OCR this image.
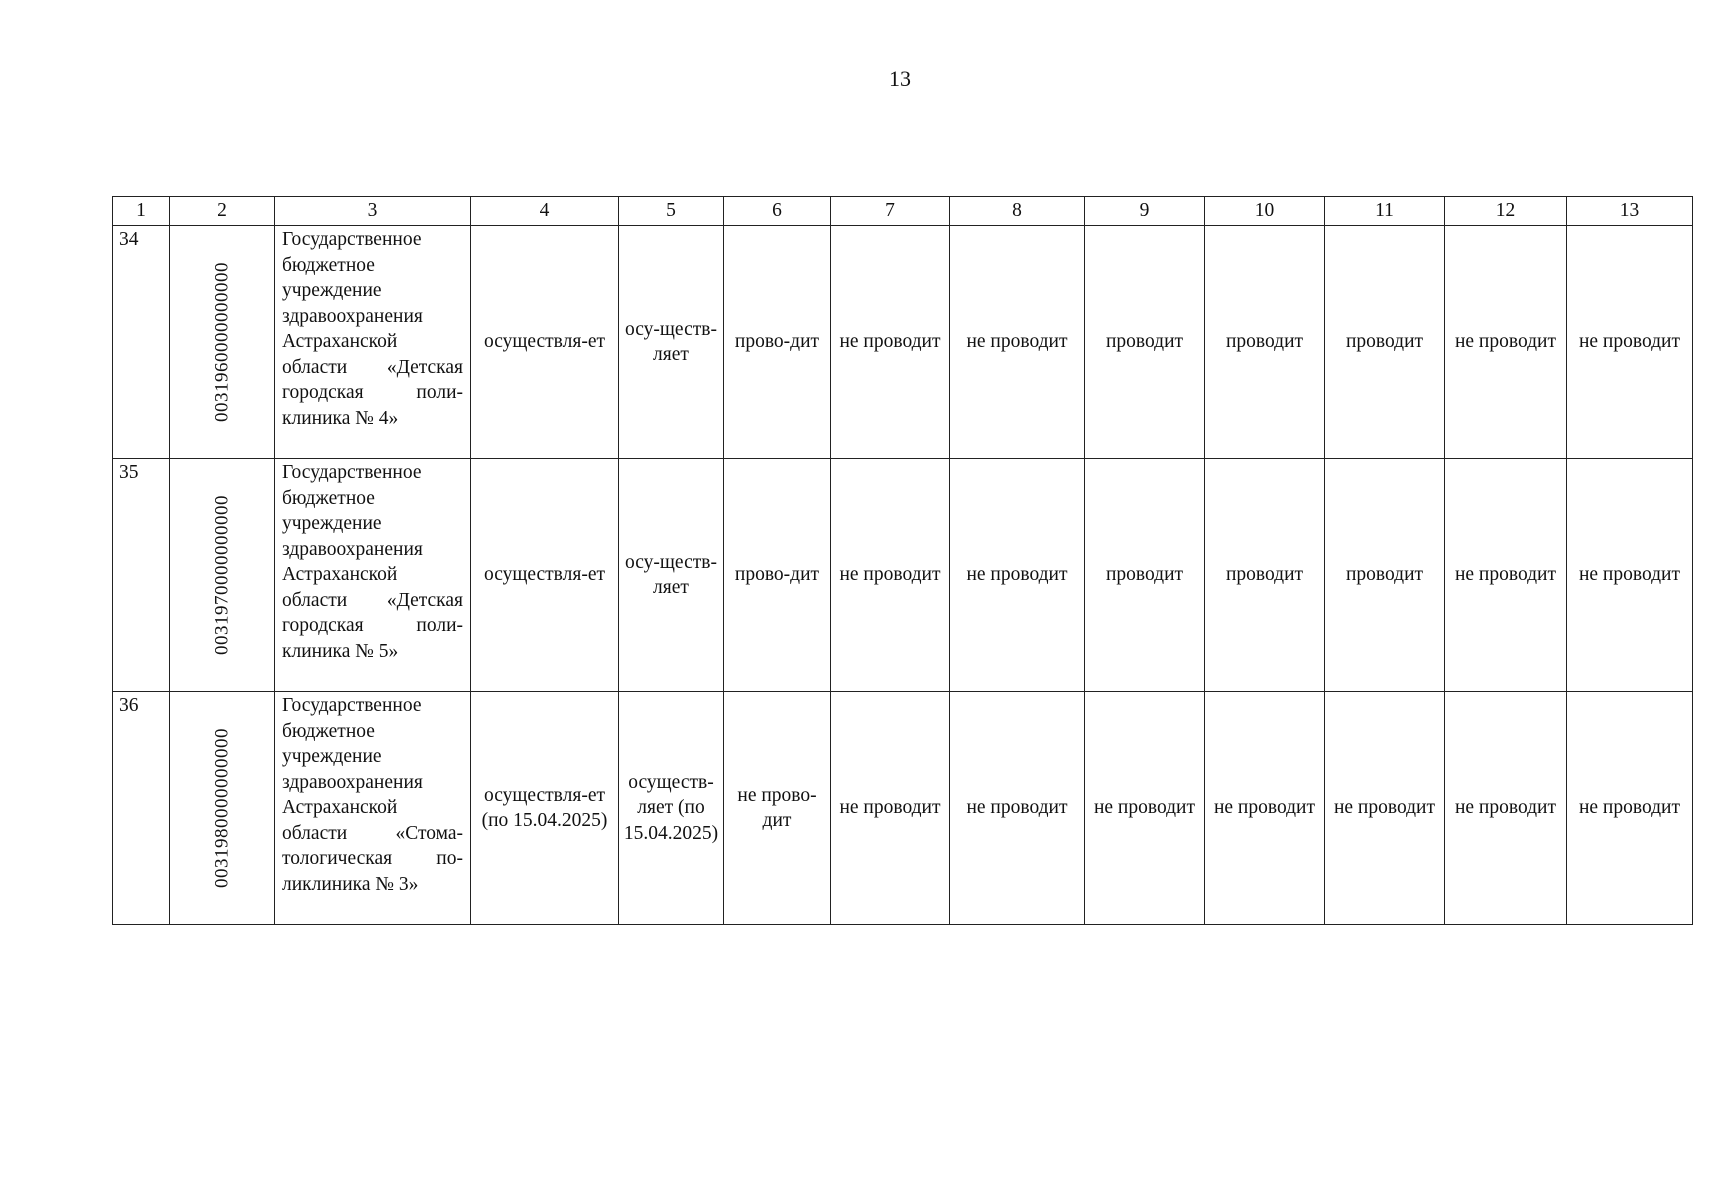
13
1	2	3	4	5	6	7	8	9	10	11	12	13
34	0031960000000000	Государственное бюджетное учреждение здравоохранения Астраханской области «Детская городская поли-клиника № 4»	осуществля-ет	осу-ществ-ляет	прово-дит	не проводит	не проводит	проводит	проводит	проводит	не проводит	не проводит
35	0031970000000000	Государственное бюджетное учреждение здравоохранения Астраханской области «Детская городская поли-клиника № 5»	осуществля-ет	осу-ществ-ляет	прово-дит	не проводит	не проводит	проводит	проводит	проводит	не проводит	не проводит
36	0031980000000000	Государственное бюджетное учреждение здравоохранения Астраханской области «Стома-тологическая по-ликлиника № 3»	осуществля-ет (по 15.04.2025)	осуществ-ляет (по 15.04.2025)	не прово-дит	не проводит	не проводит	не проводит	не проводит	не проводит	не проводит	не проводит
